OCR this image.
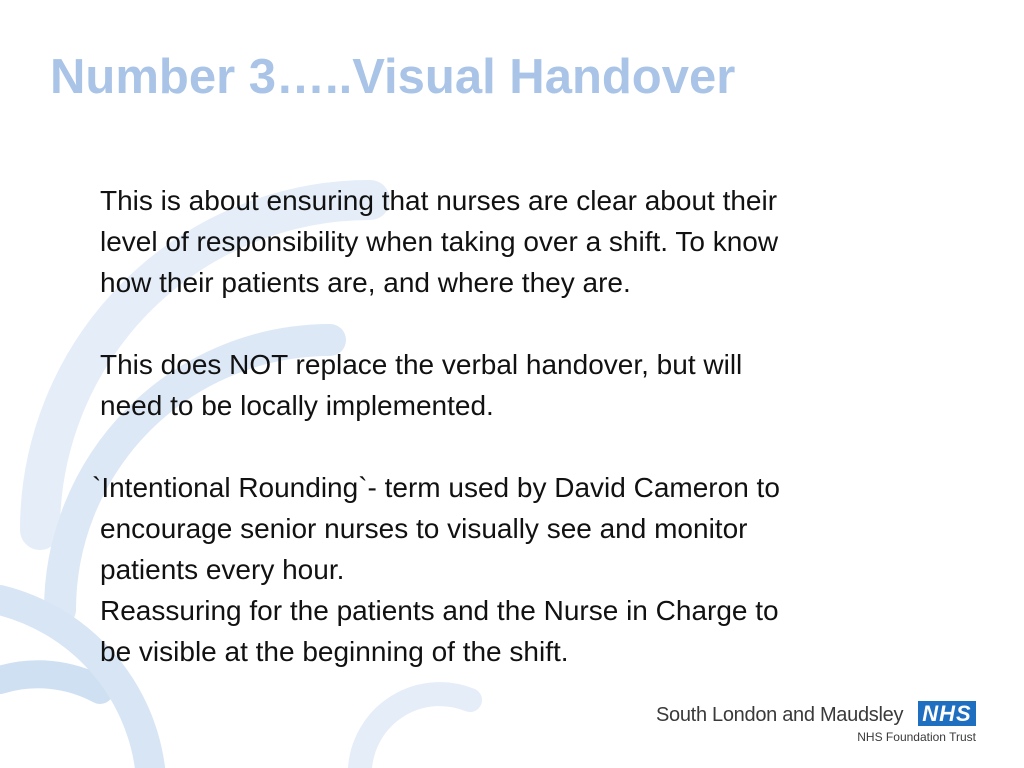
Number 3…..Visual Handover

This is about ensuring that nurses are clear about their

level of responsibility when taking over a shift. To know

how their patients are, and where they are.

This does NOT replace the verbal handover, but will

need to be locally implemented.

`Intentional Rounding`- term used by David Cameron to

encourage senior nurses to visually see and monitor

patients every hour.

Reassuring for the patients and the Nurse in Charge to

be visible at the beginning of the shift.

South London and Maudsley NHS
NHS Foundation Trust
